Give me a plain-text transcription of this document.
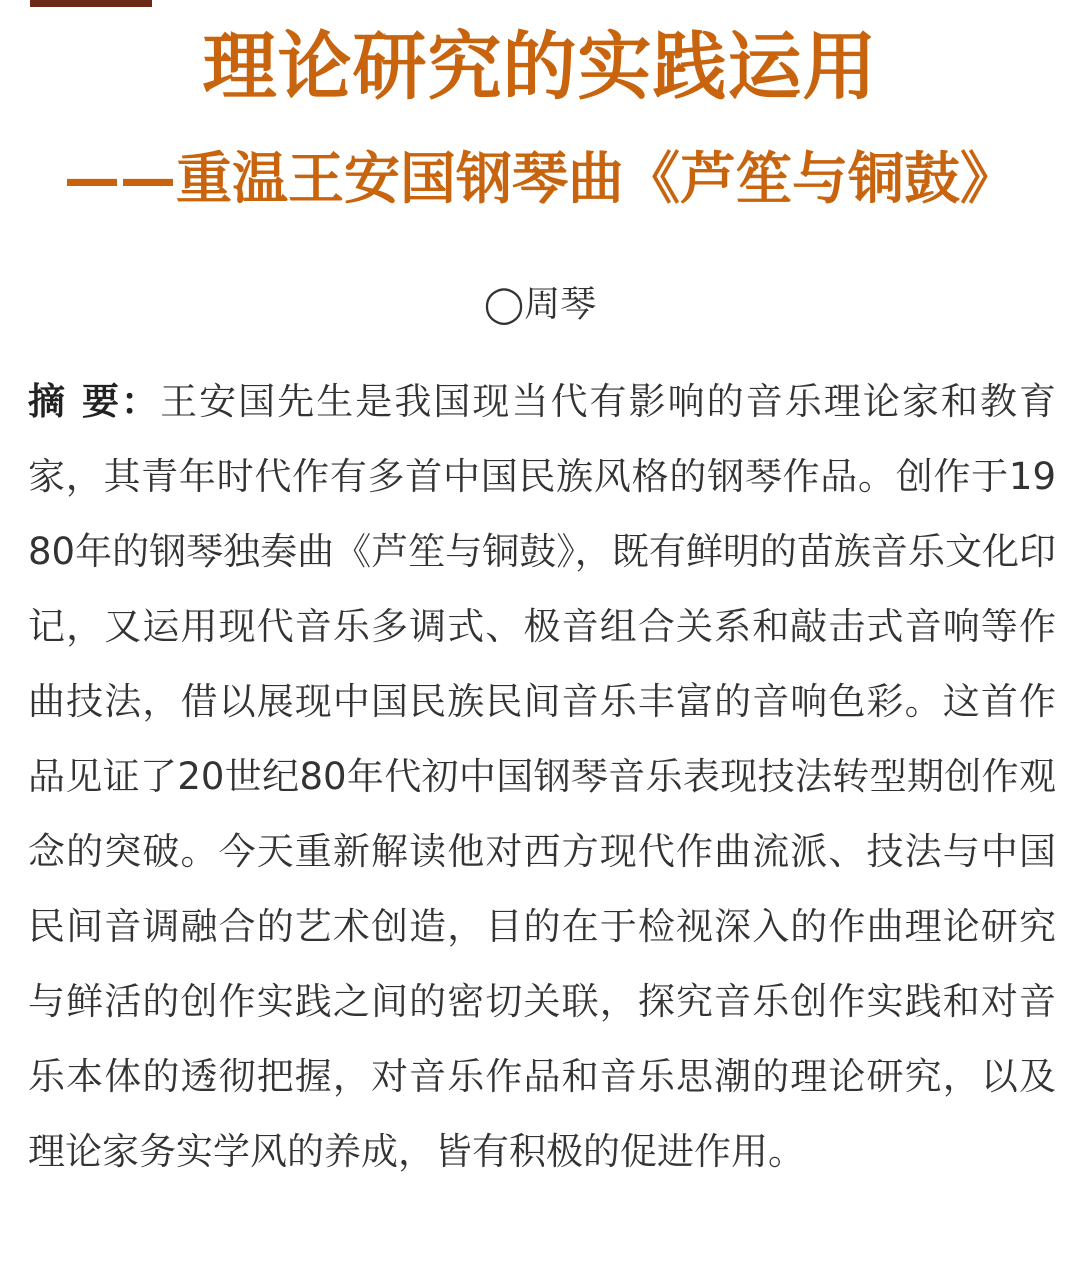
理论研究的实践运用
——重温王安国钢琴曲《芦笙与铜鼓》
◯周琴

摘 要：王安国先生是我国现当代有影响的音乐理论家和教育家，其青年时代作有多首中国民族风格的钢琴作品。创作于1980年的钢琴独奏曲《芦笙与铜鼓》，既有鲜明的苗族音乐文化印记，又运用现代音乐多调式、极音组合关系和敲击式音响等作曲技法，借以展现中国民族民间音乐丰富的音响色彩。这首作品见证了20世纪80年代初中国钢琴音乐表现技法转型期创作观念的突破。今天重新解读他对西方现代作曲流派、技法与中国民间音调融合的艺术创造，目的在于检视深入的作曲理论研究与鲜活的创作实践之间的密切关联，探究音乐创作实践和对音乐本体的透彻把握，对音乐作品和音乐思潮的理论研究，以及理论家务实学风的养成，皆有积极的促进作用。
